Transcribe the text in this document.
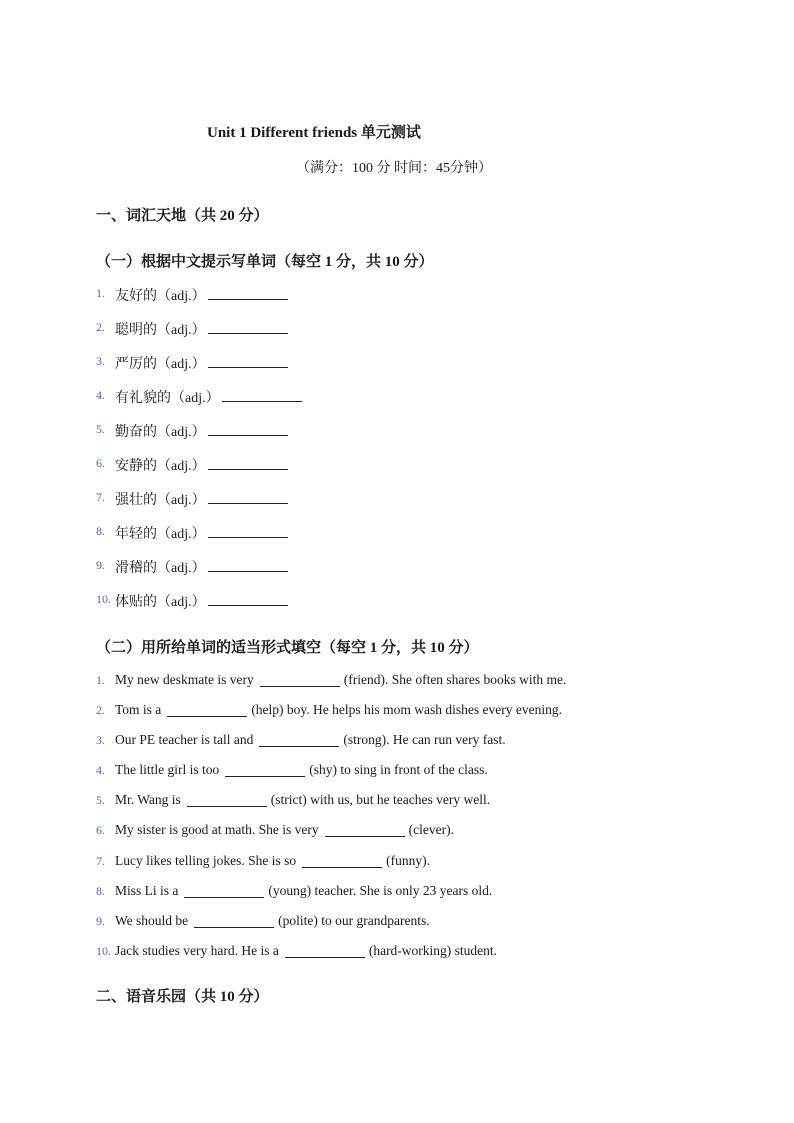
Unit 1 Different friends 单元测试
（满分：100 分 时间：45分钟）
一、词汇天地（共 20 分）
（一）根据中文提示写单词（每空 1 分，共 10 分）
1. 友好的（adj.）
2. 聪明的（adj.）
3. 严厉的（adj.）
4. 有礼貌的（adj.）
5. 勤奋的（adj.）
6. 安静的（adj.）
7. 强壮的（adj.）
8. 年轻的（adj.）
9. 滑稽的（adj.）
10. 体贴的（adj.）
（二）用所给单词的适当形式填空（每空 1 分，共 10 分）
1. My new deskmate is very	(friend). She often shares books with me.
2. Tom is a	(help) boy. He helps his mom wash dishes every evening.
3. Our PE teacher is tall and	(strong). He can run very fast.
4. The little girl is too	(shy) to sing in front of the class.
5. Mr. Wang is	(strict) with us, but he teaches very well.
6. My sister is good at math. She is very	(clever).
7. Lucy likes telling jokes. She is so	(funny).
8. Miss Li is a	(young) teacher. She is only 23 years old.
9. We should be	(polite) to our grandparents.
10. Jack studies very hard. He is a	(hard-working) student.
二、语音乐园（共 10 分）
